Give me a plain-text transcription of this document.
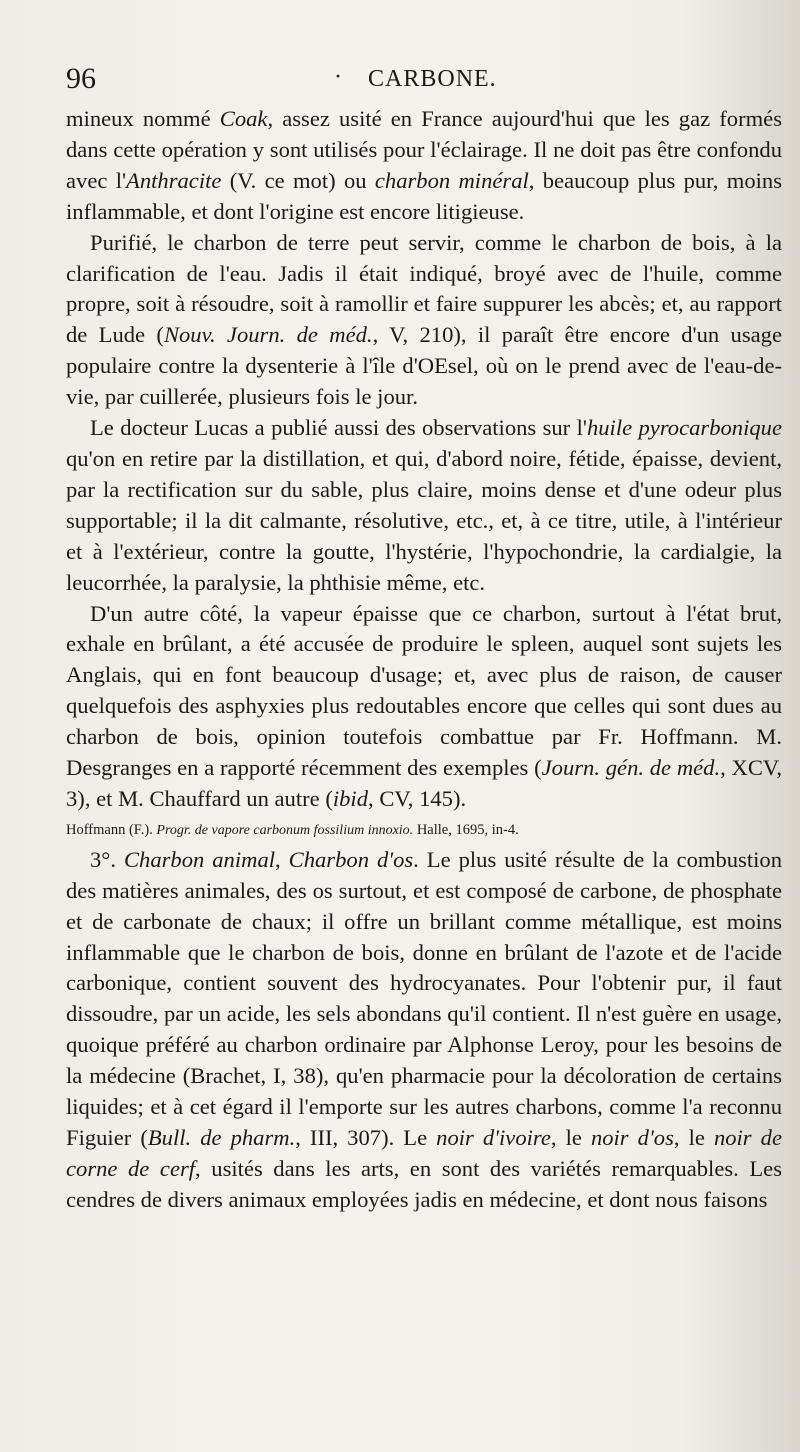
96	· CARBONE.

mineux nommé Coak, assez usité en France aujourd'hui que les gaz formés dans cette opération y sont utilisés pour l'éclairage. Il ne doit pas être confondu avec l'Anthracite (V. ce mot) ou charbon minéral, beaucoup plus pur, moins inflammable, et dont l'origine est encore litigieuse.

Purifié, le charbon de terre peut servir, comme le charbon de bois, à la clarification de l'eau. Jadis il était indiqué, broyé avec de l'huile, comme propre, soit à résoudre, soit à ramollir et faire suppurer les abcès; et, au rapport de Lude (Nouv. Journ. de méd., V, 210), il paraît être encore d'un usage populaire contre la dysenterie à l'île d'OEsel, où on le prend avec de l'eau-de-vie, par cuillerée, plusieurs fois le jour.

Le docteur Lucas a publié aussi des observations sur l'huile pyrocarbonique qu'on en retire par la distillation, et qui, d'abord noire, fétide, épaisse, devient, par la rectification sur du sable, plus claire, moins dense et d'une odeur plus supportable; il la dit calmante, résolutive, etc., et, à ce titre, utile, à l'intérieur et à l'extérieur, contre la goutte, l'hystérie, l'hypochondrie, la cardialgie, la leucorrhée, la paralysie, la phthisie même, etc.

D'un autre côté, la vapeur épaisse que ce charbon, surtout à l'état brut, exhale en brûlant, a été accusée de produire le spleen, auquel sont sujets les Anglais, qui en font beaucoup d'usage; et, avec plus de raison, de causer quelquefois des asphyxies plus redoutables encore que celles qui sont dues au charbon de bois, opinion toutefois combattue par Fr. Hoffmann. M. Desgranges en a rapporté récemment des exemples (Journ. gén. de méd., XCV, 3), et M. Chauffard un autre (ibid, CV, 145).

Hoffmann (F.). Progr. de vapore carbonum fossilium innoxio. Halle, 1695, in-4.

3°. Charbon animal, Charbon d'os. Le plus usité résulte de la combustion des matières animales, des os surtout, et est composé de carbone, de phosphate et de carbonate de chaux; il offre un brillant comme métallique, est moins inflammable que le charbon de bois, donne en brûlant de l'azote et de l'acide carbonique, contient souvent des hydrocyanates. Pour l'obtenir pur, il faut dissoudre, par un acide, les sels abondans qu'il contient. Il n'est guère en usage, quoique préféré au charbon ordinaire par Alphonse Leroy, pour les besoins de la médecine (Brachet, I, 38), qu'en pharmacie pour la décoloration de certains liquides; et à cet égard il l'emporte sur les autres charbons, comme l'a reconnu Figuier (Bull. de pharm., III, 307). Le noir d'ivoire, le noir d'os, le noir de corne de cerf, usités dans les arts, en sont des variétés remarquables. Les cendres de divers animaux employées jadis en médecine, et dont nous faisons
